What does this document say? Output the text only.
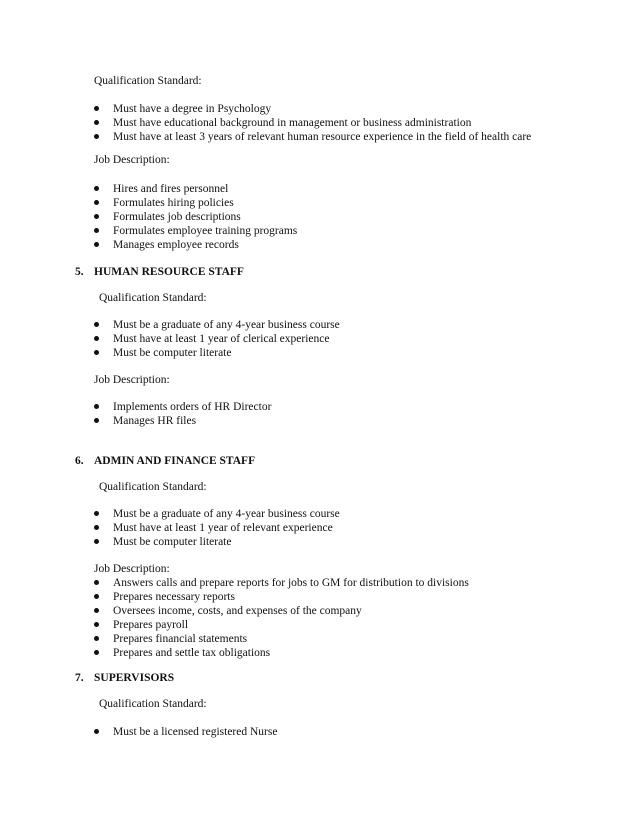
Qualification Standard:
Must have a degree in Psychology
Must have educational background in management or business administration
Must have at least 3 years of relevant human resource experience in the field of health care
Job Description:
Hires and fires personnel
Formulates hiring policies
Formulates job descriptions
Formulates employee training programs
Manages employee records
5. HUMAN RESOURCE STAFF
Qualification Standard:
Must be a graduate of any 4-year business course
Must have at least 1 year of clerical experience
Must be computer literate
Job Description:
Implements orders of HR Director
Manages HR files
6. ADMIN AND FINANCE STAFF
Qualification Standard:
Must be a graduate of any 4-year business course
Must have at least 1 year of relevant experience
Must be computer literate
Job Description:
Answers calls and prepare reports for jobs to GM for distribution to divisions
Prepares necessary reports
Oversees income, costs, and expenses of the company
Prepares payroll
Prepares financial statements
Prepares and settle tax obligations
7. SUPERVISORS
Qualification Standard:
Must be a licensed registered Nurse
